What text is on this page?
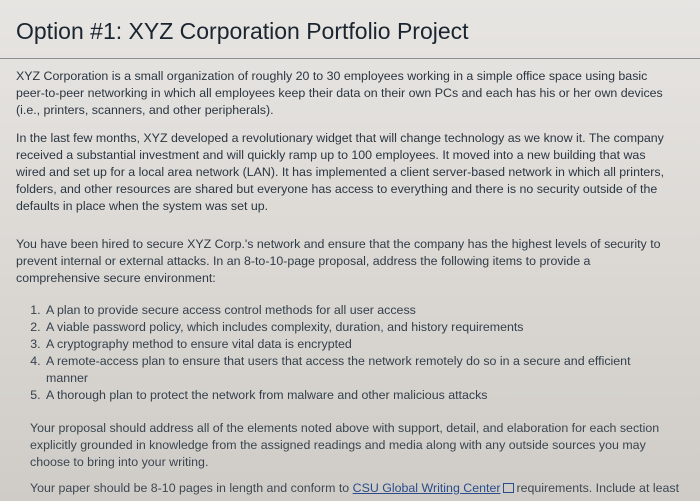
Option #1: XYZ Corporation Portfolio Project
XYZ Corporation is a small organization of roughly 20 to 30 employees working in a simple office space using basic peer-to-peer networking in which all employees keep their data on their own PCs and each has his or her own devices (i.e., printers, scanners, and other peripherals).
In the last few months, XYZ developed a revolutionary widget that will change technology as we know it. The company received a substantial investment and will quickly ramp up to 100 employees. It moved into a new building that was wired and set up for a local area network (LAN). It has implemented a client server-based network in which all printers, folders, and other resources are shared but everyone has access to everything and there is no security outside of the defaults in place when the system was set up.
You have been hired to secure XYZ Corp.'s network and ensure that the company has the highest levels of security to prevent internal or external attacks. In an 8-to-10-page proposal, address the following items to provide a comprehensive secure environment:
1. A plan to provide secure access control methods for all user access
2. A viable password policy, which includes complexity, duration, and history requirements
3. A cryptography method to ensure vital data is encrypted
4. A remote-access plan to ensure that users that access the network remotely do so in a secure and efficient manner
5. A thorough plan to protect the network from malware and other malicious attacks
Your proposal should address all of the elements noted above with support, detail, and elaboration for each section explicitly grounded in knowledge from the assigned readings and media along with any outside sources you may choose to bring into your writing.
Your paper should be 8-10 pages in length and conform to CSU Global Writing Center requirements. Include at least
